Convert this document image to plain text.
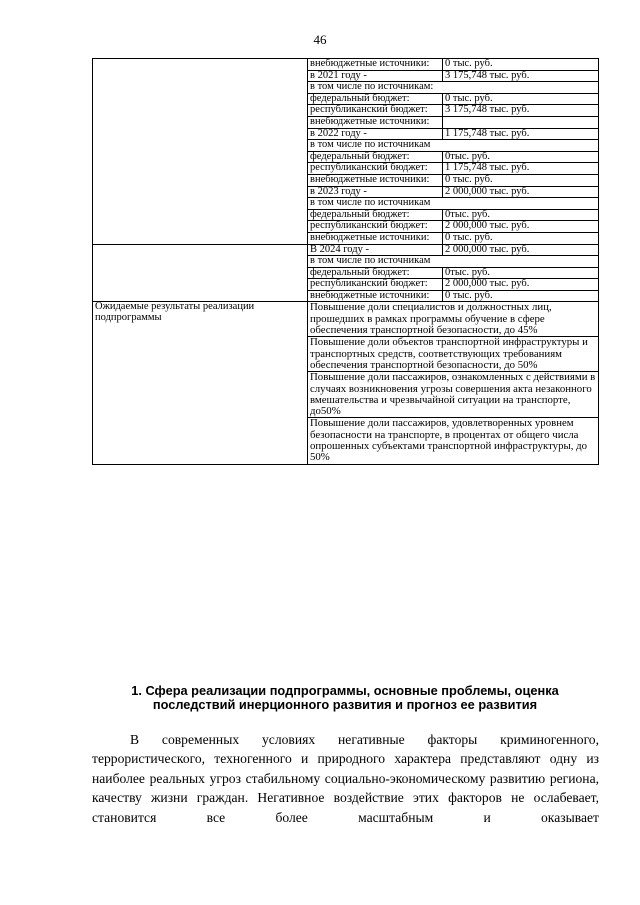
46
	внебюджетные источники:	0 тыс. руб.
	в 2021 году -	3 175,748 тыс. руб.
	в том числе по источникам:	
	федеральный бюджет:	0 тыс. руб.
	республиканский бюджет:	3 175,748 тыс. руб.
	внебюджетные источники:	
	в 2022 году -	1 175,748 тыс. руб.
	в том числе по источникам	
	федеральный бюджет:	0тыс. руб.
	республиканский бюджет:	1 175,748 тыс. руб.
	внебюджетные источники:	0 тыс. руб.
	в 2023 году -	2 000,000 тыс. руб.
	в том числе по источникам	
	федеральный бюджет:	0тыс. руб.
	республиканский бюджет:	2 000,000 тыс. руб.
	внебюджетные источники:	0 тыс. руб.
	В 2024 году -	2 000,000 тыс. руб.
	в том числе по источникам	
	федеральный бюджет:	0тыс. руб.
	республиканский бюджет:	2 000,000 тыс. руб.
	внебюджетные источники:	0 тыс. руб.
Ожидаемые результаты реализации подпрограммы	Повышение доли специалистов и должностных лиц, прошедших в рамках программы обучение в сфере обеспечения транспортной безопасности, до 45%	
	Повышение доли объектов транспортной инфраструктуры и транспортных средств, соответствующих требованиям обеспечения транспортной безопасности, до 50%	
	Повышение доли пассажиров, ознакомленных с действиями в случаях возникновения угрозы совершения акта незаконного вмешательства и чрезвычайной ситуации на транспорте, до50%	
	Повышение доли пассажиров, удовлетворенных уровнем безопасности на транспорте, в процентах от общего числа опрошенных субъектами транспортной инфраструктуры, до 50%	
1. Сфера реализации подпрограммы, основные проблемы, оценка последствий инерционного развития и прогноз ее развития

В современных условиях негативные факторы криминогенного, террористического, техногенного и природного характера представляют одну из наиболее реальных угроз стабильному социально-экономическому развитию региона, качеству жизни граждан. Негативное воздействие этих факторов не ослабевает, становится все более масштабным и оказывает
